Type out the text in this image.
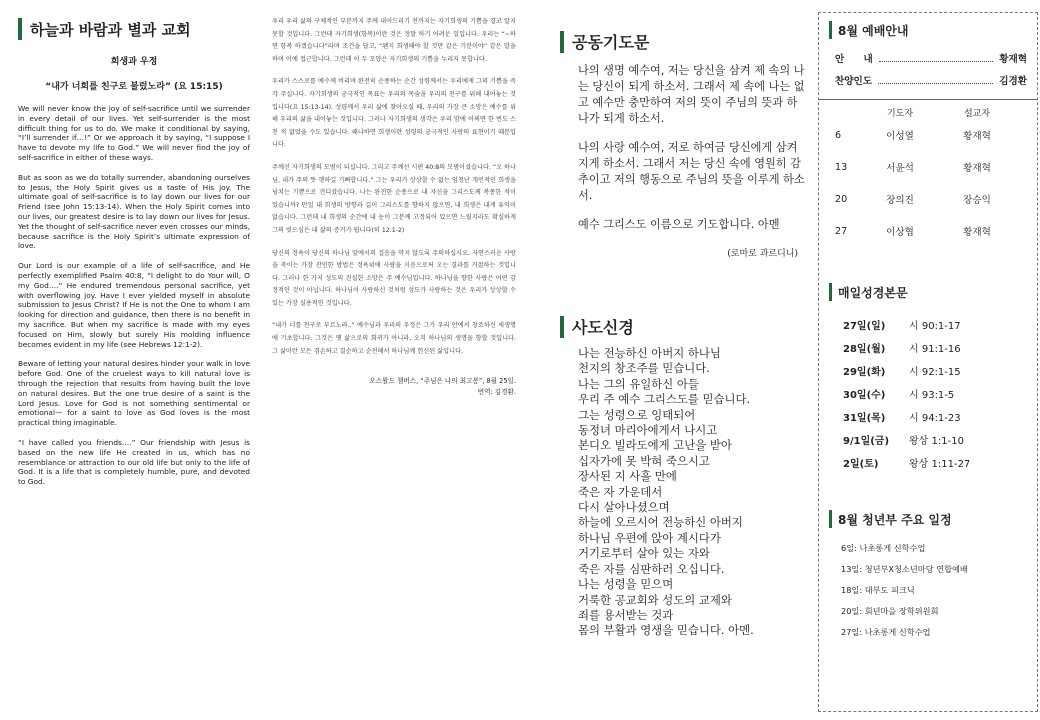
하늘과 바람과 별과 교회

희생과 우정

“내가 너희를 친구로 불렀노라” (요 15:15)

We will never know the joy of self-sacrifice until we surrender in every detail of our lives. Yet self-surrender is the most difficult thing for us to do. We make it conditional by saying, “I’ll surrender if…!” Or we approach it by saying, “I suppose I have to devote my life to God.” We will never find the joy of self-sacrifice in either of these ways.

But as soon as we do totally surrender, abandoning ourselves to Jesus, the Holy Spirit gives us a taste of His joy. The ultimate goal of self-sacrifice is to lay down our lives for our Friend (see John 15:13-14). When the Holy Spirit comes into our lives, our greatest desire is to lay down our lives for Jesus. Yet the thought of self-sacrifice never even crosses our minds, because sacrifice is the Holy Spirit’s ultimate expression of love.

Our Lord is our example of a life of self-sacrifice, and He perfectly exemplified Psalm 40:8, “I delight to do Your will, O my God….” He endured tremendous personal sacrifice, yet with overflowing joy. Have I ever yielded myself in absolute submission to Jesus Christ? If He is not the One to whom I am looking for direction and guidance, then there is no benefit in my sacrifice. But when my sacrifice is made with my eyes focused on Him, slowly but surely His molding influence becomes evident in my life (see Hebrews 12:1-2).

Beware of letting your natural desires hinder your walk in love before God. One of the cruelest ways to kill natural love is through the rejection that results from having built the love on natural desires. But the one true desire of a saint is the Lord Jesus. Love for God is not something sentimental or emotional— for a saint to love as God loves is the most practical thing imaginable.

“I have called you friends….” Our friendship with Jesus is based on the new life He created in us, which has no resemblance or attraction to our old life but only to the life of God. It is a life that is completely humble, pure, and devoted to God.

우리 우리 삶의 구체적인 부분까지 주께 내어드리기 전까지는 자기희생의 기쁨을 결코 알지 못할 것입니다. 그런데 자기희생(항복)이란 것은 정말 하기 어려운 일입니다. 우리는 “~하면 항복 하겠습니다”라며 조건을 답고, “왠지 희생해야 할 것만 같은 기분이야” 같은 말을 하며 이에 접근합니다. 그런데 이 두 모양은 자기희생의 기쁨을 누리지 못합니다.

우리가 스스로를 예수께 버리며 완전히 순종하는 순간 성령께서는 우리에게 그의 기쁨을 즉각 주십니다. 자기희생의 궁극적인 목표는 우리의 목숨을 우리의 친구를 위해 내어놓는 것입니다(요 15:13-14). 성령께서 우리 삶에 찾아오실 때, 우리의 가장 큰 소망은 예수를 위해 우리의 삶을 내어놓는 것입니다. 그러나 자기희생의 생각은 우리 맘에 어쩌면 한 번도 스친 적 없었을 수도 있습니다. 왜냐하면 희생이란 성령의 궁극적인 사랑의 표현이기 때문입니다.

주께선 자기희생의 모범이 되십니다. 그리고 주께선 시편 40:8의 모범이셨습니다. “오 하나님, 내가 주의 뜻 행하길 기뻐합니다.” 그는 우리가 상상할 수 없는 엄청난 개인적인 희생을 넘치는 기쁨으로 견디셨습니다. 나는 완전한 순종으로 내 자신을 그리스도께 복종한 적이 있습니까? 만일 내 희생의 방향과 길이 그리스도를 향하지 않으면, 내 희생은 내게 유익이 없습니다. 그런데 내 희생의 순간에 내 눈이 그분께 고정되어 있으면 느릴지라도 확실하게 그의 빚으심은 내 삶의 증거가 됩니다(히 12:1-2)

당신의 정욕이 당신의 하나님 앞에서의 걸음을 막지 않도록 주의하십시오. 자연스러운 사랑을 죽이는 가장 잔인한 방법은 정욕위에 사랑을 지음으로써 오는 결과를 거절하는 것입니다. 그러나 한 가지 성도의 진실한 소망은 주 예수님입니다. 하나님을 향한 사랑은 어떤 감정적인 것이 아닙니다. 하나님이 사랑하신 것처럼 성도가 사랑하는 것은 우리가 상상할 수 있는 가장 실용적인 것입니다.

“내가 너를 친구로 부르노라..” 예수님과 우리의 우정은 그가 우리 안에서 창조하신 새생명에 기초합니다. 그것은 옛 삶으로의 회귀가 아니라, 오직 하나님의 생명을 향할 것입니다. 그 삶이란 모든 겸손하고 결순하고 순전해서 하나님께 헌신된 삶입니다.

오스왈드 챔버스, “주님은 나의 최고봉”, 8월 25일.
번역: 김경환.
공동기도문

나의 생명 예수여, 저는 당신을 삼켜 제 속의 나는 당신이 되게 하소서. 그래서 제 속에 나는 없고 예수만 충만하여 저의 뜻이 주님의 뜻과 하나가 되게 하소서.

나의 사랑 예수여, 저로 하여금 당신에게 삼켜지게 하소서. 그래서 저는 당신 속에 영원히 감추이고 저의 행동으로 주님의 뜻을 이루게 하소서.

예수 그리스도 이름으로 기도합니다. 아멘

(로마로 과르디니)

사도신경
나는 전능하신 아버지 하나님
천지의 창조주를 믿습니다.
나는 그의 유일하신 아들
우리 주 예수 그리스도를 믿습니다.
그는 성령으로 잉태되어
동정녀 마리아에게서 나시고
본디오 빌라도에게 고난을 받아
십자가에 못 박혀 죽으시고
장사된 지 사흘 만에
죽은 자 가운데서
다시 살아나셨으며
하늘에 오르시어 전능하신 아버지
하나님 우편에 앉아 계시다가
거기로부터 살아 있는 자와
죽은 자를 심판하러 오십니다.
나는 성령을 믿으며
거룩한 공교회와 성도의 교제와
죄를 용서받는 것과
몸의 부활과 영생을 믿습니다. 아멘.
8월 예배안내
안　　내	황재혁
찬양인도	김경환
기도자	설교자
6	이성열	황재혁
13	서윤석	황재혁
20	장의진	장승익
27	이상협	황재혁
매일성경본문
27일(일)	시 90:1-17
28일(월)	시 91:1-16
29일(화)	시 92:1-15
30일(수)	시 93:1-5
31일(목)	시 94:1-23
9/1일(금)	왕상 1:1-10
2일(토)	왕상 1:11-27
8월 청년부 주요 일정
6일: 나초롱게 신학수업
13일: 청년부X청소년마당 연합예배
18일: 대부도 피크닉
20일: 회년마을 장학위원회
27일: 나초롱게 신학수업
